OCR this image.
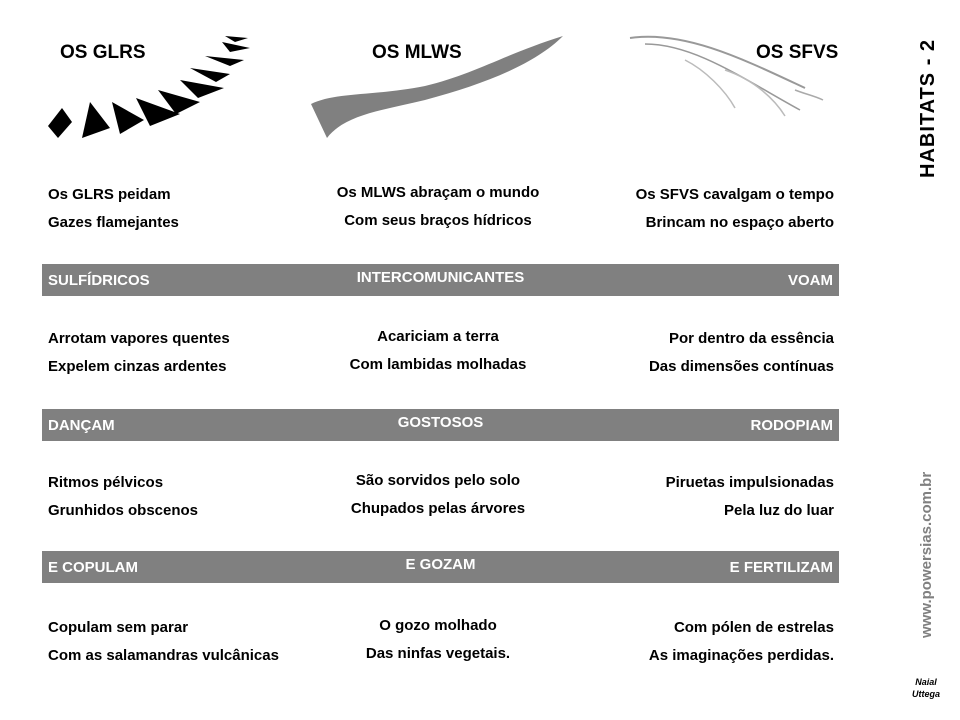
OS GLRS	OS MLWS	OS SFVS
Os GLRS peidam
Gazes flamejantes
Os MLWS abraçam o mundo
Com seus braços hídricos
Os SFVS cavalgam o tempo
Brincam no espaço aberto
SULFÍDRICOS	INTERCOMUNICANTES	VOAM
Arrotam vapores quentes
Expelem cinzas ardentes
Acariciam a terra
Com lambidas molhadas
Por dentro da essência
Das dimensões contínuas
DANÇAM	GOSTOSOS	RODOPIAM
Ritmos pélvicos
Grunhidos obscenos
São sorvidos pelo solo
Chupados pelas árvores
Piruetas impulsionadas
Pela luz do luar
E COPULAM	E GOZAM	E FERTILIZAM
Copulam sem parar
Com as salamandras vulcânicas
O gozo molhado
Das ninfas vegetais.
Com pólen de estrelas
As imaginações perdidas.
HABITATS - 2
www.powersias.com.br
Naial
Uttega
